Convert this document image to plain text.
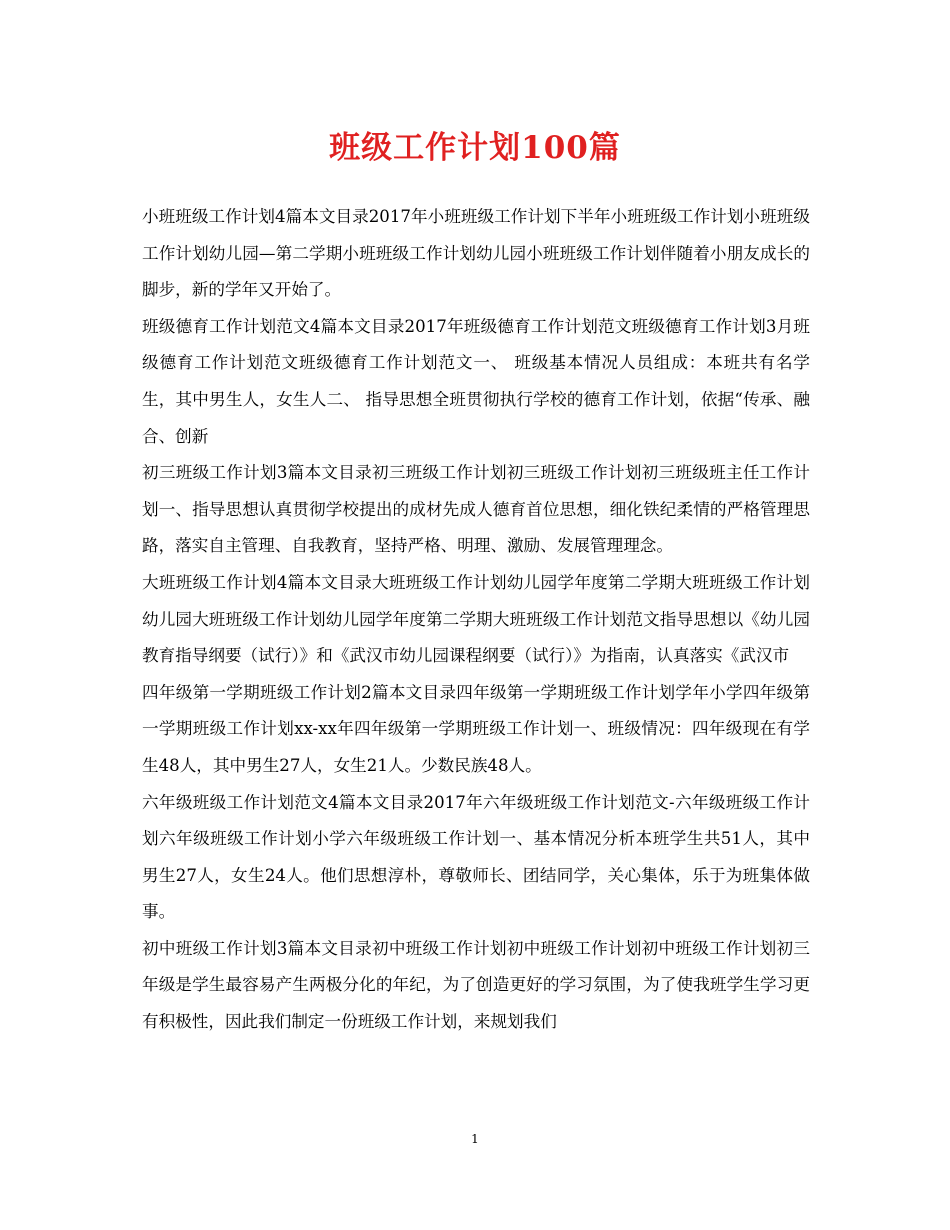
班级工作计划100篇

小班班级工作计划4篇本文目录2017年小班班级工作计划下半年小班班级工作计划小班班级工作计划幼儿园—第二学期小班班级工作计划幼儿园小班班级工作计划伴随着小朋友成长的脚步，新的学年又开始了。

班级德育工作计划范文4篇本文目录2017年班级德育工作计划范文班级德育工作计划3月班级德育工作计划范文班级德育工作计划范文一、 班级基本情况人员组成：本班共有名学生，其中男生人，女生人二、 指导思想全班贯彻执行学校的德育工作计划，依据“传承、融合、创新

初三班级工作计划3篇本文目录初三班级工作计划初三班级工作计划初三班级班主任工作计划一、指导思想认真贯彻学校提出的成材先成人德育首位思想，细化铁纪柔情的严格管理思路，落实自主管理、自我教育，坚持严格、明理、激励、发展管理理念。

大班班级工作计划4篇本文目录大班班级工作计划幼儿园学年度第二学期大班班级工作计划幼儿园大班班级工作计划幼儿园学年度第二学期大班班级工作计划范文指导思想以《幼儿园教育指导纲要（试行）》和《武汉市幼儿园课程纲要（试行）》为指南，认真落实《武汉市

四年级第一学期班级工作计划2篇本文目录四年级第一学期班级工作计划学年小学四年级第一学期班级工作计划xx-xx年四年级第一学期班级工作计划一、班级情况：四年级现在有学生48人，其中男生27人，女生21人。少数民族48人。

六年级班级工作计划范文4篇本文目录2017年六年级班级工作计划范文-六年级班级工作计划六年级班级工作计划小学六年级班级工作计划一、基本情况分析本班学生共51人，其中男生27人，女生24人。他们思想淳朴，尊敬师长、团结同学，关心集体，乐于为班集体做事。

初中班级工作计划3篇本文目录初中班级工作计划初中班级工作计划初中班级工作计划初三年级是学生最容易产生两极分化的年纪，为了创造更好的学习氛围，为了使我班学生学习更有积极性，因此我们制定一份班级工作计划，来规划我们

1
